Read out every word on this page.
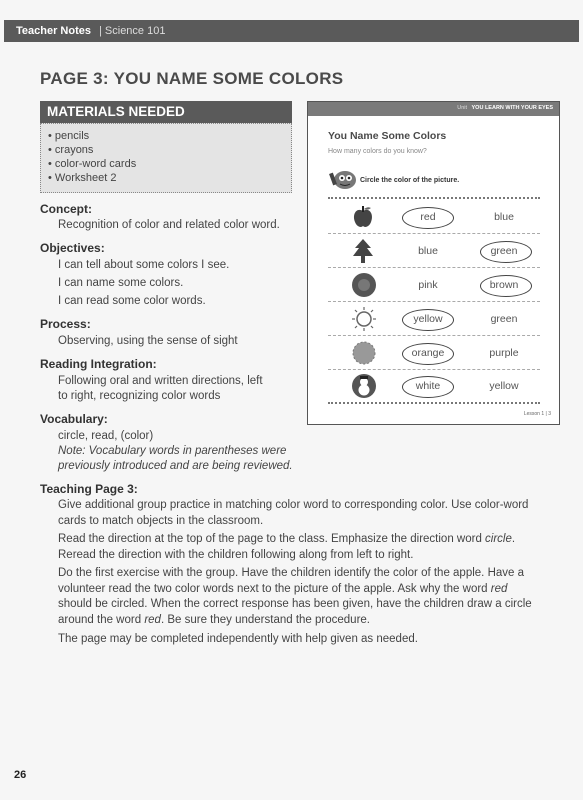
Teacher Notes | Science 101
PAGE 3: YOU NAME SOME COLORS
MATERIALS NEEDED
• pencils
• crayons
• color-word cards
• Worksheet 2
Concept:
Recognition of color and related color word.
Objectives:
I can tell about some colors I see.
I can name some colors.
I can read some color words.
Process:
Observing, using the sense of sight
Reading Integration:
Following oral and written directions, left
to right, recognizing color words
Vocabulary:
circle, read, (color)
Note: Vocabulary words in parentheses were
previously introduced and are being reviewed.
Teaching Page 3:
Give additional group practice in matching color word to corresponding color. Use color-word cards to match objects in the classroom.
Read the direction at the top of the page to the class. Emphasize the direction word circle. Reread the direction with the children following along from left to right.
Do the first exercise with the group. Have the children identify the color of the apple. Have a volunteer read the two color words next to the picture of the apple. Ask why the word red should be circled. When the correct response has been given, have the children draw a circle around the word red. Be sure they understand the procedure.
The page may be completed independently with help given as needed.
26
Unit YOU LEARN WITH YOUR EYES
You Name Some Colors
How many colors do you know?
Circle the color of the picture.
red	blue
blue	green
pink	brown
yellow	green
orange	purple
white	yellow
Lesson 1 | 3
